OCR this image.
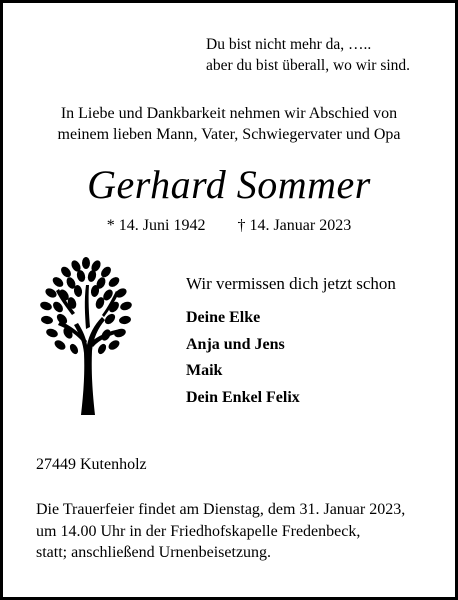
Du bist nicht mehr da, …..
aber du bist überall, wo wir sind.
In Liebe und Dankbarkeit nehmen wir Abschied von
meinem lieben Mann, Vater, Schwiegervater und Opa
Gerhard Sommer
* 14. Juni 1942 † 14. Januar 2023
Wir vermissen dich jetzt schon
Deine Elke
Anja und Jens
Maik
Dein Enkel Felix
27449 Kutenholz
Die Trauerfeier findet am Dienstag, dem 31. Januar 2023,
um 14.00 Uhr in der Friedhofskapelle Fredenbeck,
statt; anschließend Urnenbeisetzung.
